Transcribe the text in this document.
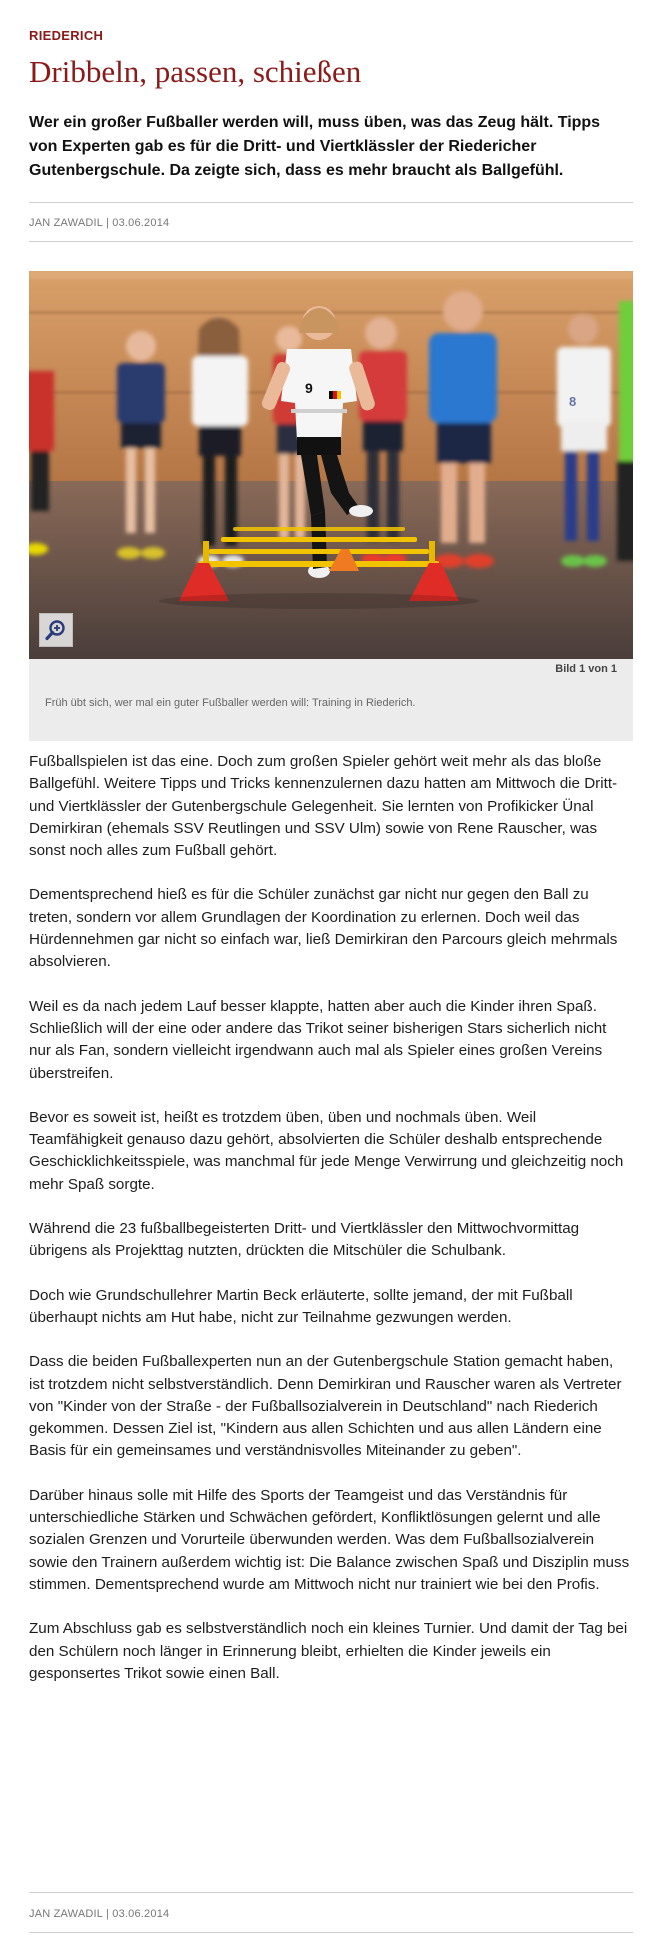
RIEDERICH
Dribbeln, passen, schießen

Wer ein großer Fußballer werden will, muss üben, was das Zeug hält. Tipps von Experten gab es für die Dritt- und Viertklässler der Riedericher Gutenbergschule. Da zeigte sich, dass es mehr braucht als Ballgefühl.

JAN ZAWADIL | 03.06.2014
9
8
Bild 1 von 1
Früh übt sich, wer mal ein guter Fußballer werden will: Training in Riederich.

Fußballspielen ist das eine. Doch zum großen Spieler gehört weit mehr als das bloße Ballgefühl. Weitere Tipps und Tricks kennenzulernen dazu hatten am Mittwoch die Dritt- und Viertklässler der Gutenbergschule Gelegenheit. Sie lernten von Profikicker Ünal Demirkiran (ehemals SSV Reutlingen und SSV Ulm) sowie von Rene Rauscher, was sonst noch alles zum Fußball gehört.

Dementsprechend hieß es für die Schüler zunächst gar nicht nur gegen den Ball zu treten, sondern vor allem Grundlagen der Koordination zu erlernen. Doch weil das Hürdennehmen gar nicht so einfach war, ließ Demirkiran den Parcours gleich mehrmals absolvieren.

Weil es da nach jedem Lauf besser klappte, hatten aber auch die Kinder ihren Spaß. Schließlich will der eine oder andere das Trikot seiner bisherigen Stars sicherlich nicht nur als Fan, sondern vielleicht irgendwann auch mal als Spieler eines großen Vereins überstreifen.

Bevor es soweit ist, heißt es trotzdem üben, üben und nochmals üben. Weil Teamfähigkeit genauso dazu gehört, absolvierten die Schüler deshalb entsprechende Geschicklichkeitsspiele, was manchmal für jede Menge Verwirrung und gleichzeitig noch mehr Spaß sorgte.

Während die 23 fußballbegeisterten Dritt- und Viertklässler den Mittwochvormittag übrigens als Projekttag nutzten, drückten die Mitschüler die Schulbank.

Doch wie Grundschullehrer Martin Beck erläuterte, sollte jemand, der mit Fußball überhaupt nichts am Hut habe, nicht zur Teilnahme gezwungen werden.

Dass die beiden Fußballexperten nun an der Gutenbergschule Station gemacht haben, ist trotzdem nicht selbstverständlich. Denn Demirkiran und Rauscher waren als Vertreter von "Kinder von der Straße - der Fußballsozialverein in Deutschland" nach Riederich gekommen. Dessen Ziel ist, "Kindern aus allen Schichten und aus allen Ländern eine Basis für ein gemeinsames und verständnisvolles Miteinander zu geben".

Darüber hinaus solle mit Hilfe des Sports der Teamgeist und das Verständnis für unterschiedliche Stärken und Schwächen gefördert, Konfliktlösungen gelernt und alle sozialen Grenzen und Vorurteile überwunden werden. Was dem Fußballsozialverein sowie den Trainern außerdem wichtig ist: Die Balance zwischen Spaß und Disziplin muss stimmen. Dementsprechend wurde am Mittwoch nicht nur trainiert wie bei den Profis.

Zum Abschluss gab es selbstverständlich noch ein kleines Turnier. Und damit der Tag bei den Schülern noch länger in Erinnerung bleibt, erhielten die Kinder jeweils ein gesponsertes Trikot sowie einen Ball.

JAN ZAWADIL | 03.06.2014
